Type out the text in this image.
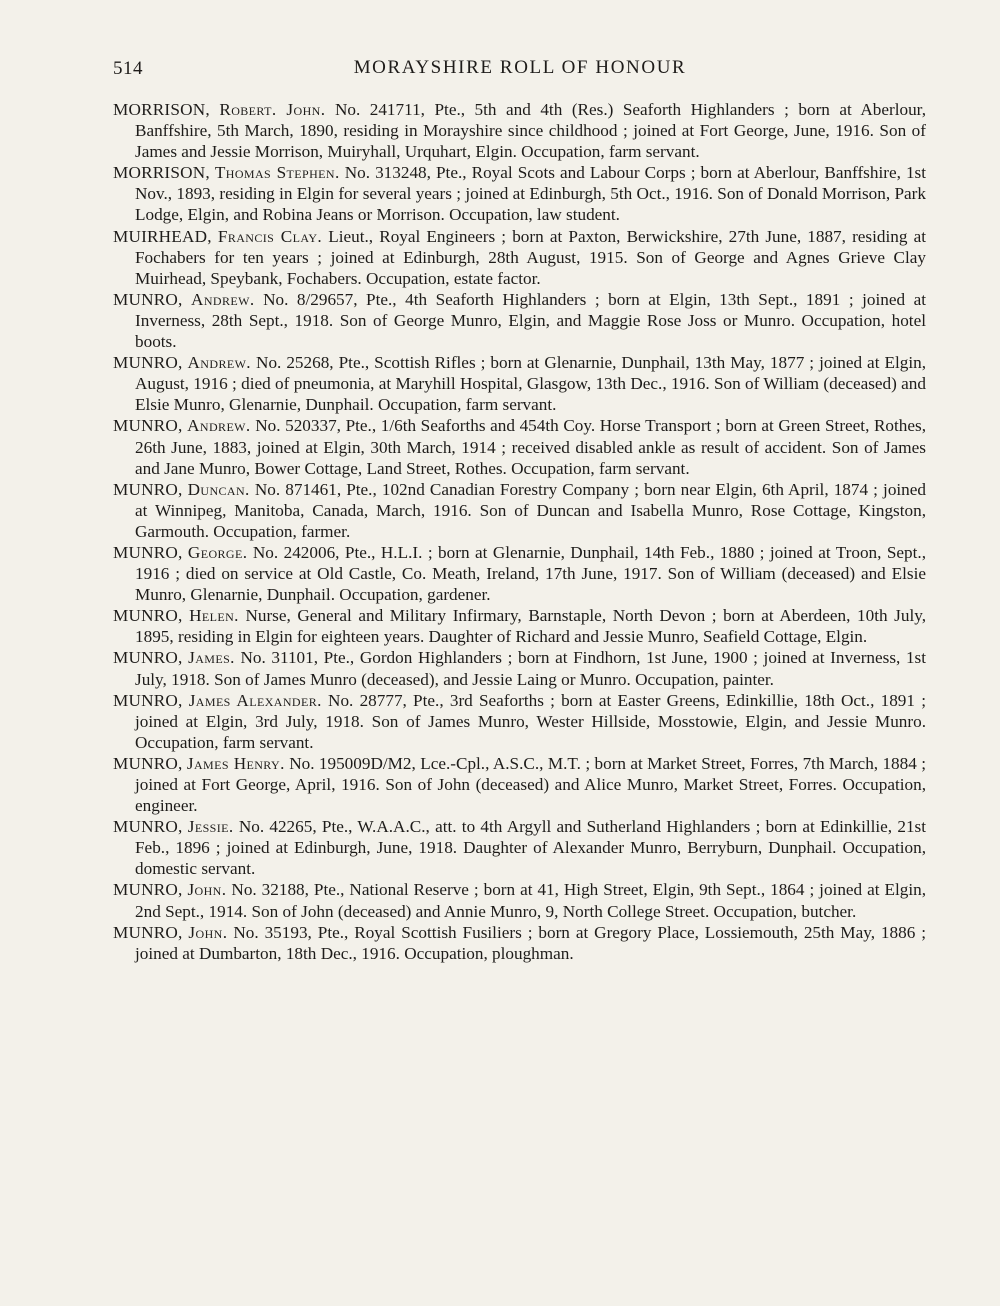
514	MORAYSHIRE ROLL OF HONOUR

MORRISON, Robert. John. No. 241711, Pte., 5th and 4th (Res.) Seaforth Highlanders ; born at Aberlour, Banffshire, 5th March, 1890, residing in Morayshire since childhood ; joined at Fort George, June, 1916. Son of James and Jessie Morrison, Muiryhall, Urquhart, Elgin. Occupation, farm servant.

MORRISON, Thomas Stephen. No. 313248, Pte., Royal Scots and Labour Corps ; born at Aberlour, Banffshire, 1st Nov., 1893, residing in Elgin for several years ; joined at Edinburgh, 5th Oct., 1916. Son of Donald Morrison, Park Lodge, Elgin, and Robina Jeans or Morrison. Occupation, law student.

MUIRHEAD, Francis Clay. Lieut., Royal Engineers ; born at Paxton, Berwickshire, 27th June, 1887, residing at Fochabers for ten years ; joined at Edinburgh, 28th August, 1915. Son of George and Agnes Grieve Clay Muirhead, Speybank, Fochabers. Occupation, estate factor.

MUNRO, Andrew. No. 8/29657, Pte., 4th Seaforth Highlanders ; born at Elgin, 13th Sept., 1891 ; joined at Inverness, 28th Sept., 1918. Son of George Munro, Elgin, and Maggie Rose Joss or Munro. Occupation, hotel boots.

MUNRO, Andrew. No. 25268, Pte., Scottish Rifles ; born at Glenarnie, Dunphail, 13th May, 1877 ; joined at Elgin, August, 1916 ; died of pneumonia, at Maryhill Hospital, Glasgow, 13th Dec., 1916. Son of William (deceased) and Elsie Munro, Glenarnie, Dunphail. Occupation, farm servant.

MUNRO, Andrew. No. 520337, Pte., 1/6th Seaforths and 454th Coy. Horse Transport ; born at Green Street, Rothes, 26th June, 1883, joined at Elgin, 30th March, 1914 ; received disabled ankle as result of accident. Son of James and Jane Munro, Bower Cottage, Land Street, Rothes. Occupation, farm servant.

MUNRO, Duncan. No. 871461, Pte., 102nd Canadian Forestry Company ; born near Elgin, 6th April, 1874 ; joined at Winnipeg, Manitoba, Canada, March, 1916. Son of Duncan and Isabella Munro, Rose Cottage, Kingston, Garmouth. Occupation, farmer.

MUNRO, George. No. 242006, Pte., H.L.I. ; born at Glenarnie, Dunphail, 14th Feb., 1880 ; joined at Troon, Sept., 1916 ; died on service at Old Castle, Co. Meath, Ireland, 17th June, 1917. Son of William (deceased) and Elsie Munro, Glenarnie, Dunphail. Occupation, gardener.

MUNRO, Helen. Nurse, General and Military Infirmary, Barnstaple, North Devon ; born at Aberdeen, 10th July, 1895, residing in Elgin for eighteen years. Daughter of Richard and Jessie Munro, Seafield Cottage, Elgin.

MUNRO, James. No. 31101, Pte., Gordon Highlanders ; born at Findhorn, 1st June, 1900 ; joined at Inverness, 1st July, 1918. Son of James Munro (deceased), and Jessie Laing or Munro. Occupation, painter.

MUNRO, James Alexander. No. 28777, Pte., 3rd Seaforths ; born at Easter Greens, Edinkillie, 18th Oct., 1891 ; joined at Elgin, 3rd July, 1918. Son of James Munro, Wester Hillside, Mosstowie, Elgin, and Jessie Munro. Occupation, farm servant.

MUNRO, James Henry. No. 195009D/M2, Lce.-Cpl., A.S.C., M.T. ; born at Market Street, Forres, 7th March, 1884 ; joined at Fort George, April, 1916. Son of John (deceased) and Alice Munro, Market Street, Forres. Occupation, engineer.

MUNRO, Jessie. No. 42265, Pte., W.A.A.C., att. to 4th Argyll and Sutherland Highlanders ; born at Edinkillie, 21st Feb., 1896 ; joined at Edinburgh, June, 1918. Daughter of Alexander Munro, Berryburn, Dunphail. Occupation, domestic servant.

MUNRO, John. No. 32188, Pte., National Reserve ; born at 41, High Street, Elgin, 9th Sept., 1864 ; joined at Elgin, 2nd Sept., 1914. Son of John (deceased) and Annie Munro, 9, North College Street. Occupation, butcher.

MUNRO, John. No. 35193, Pte., Royal Scottish Fusiliers ; born at Gregory Place, Lossiemouth, 25th May, 1886 ; joined at Dumbarton, 18th Dec., 1916. Occupation, ploughman.
